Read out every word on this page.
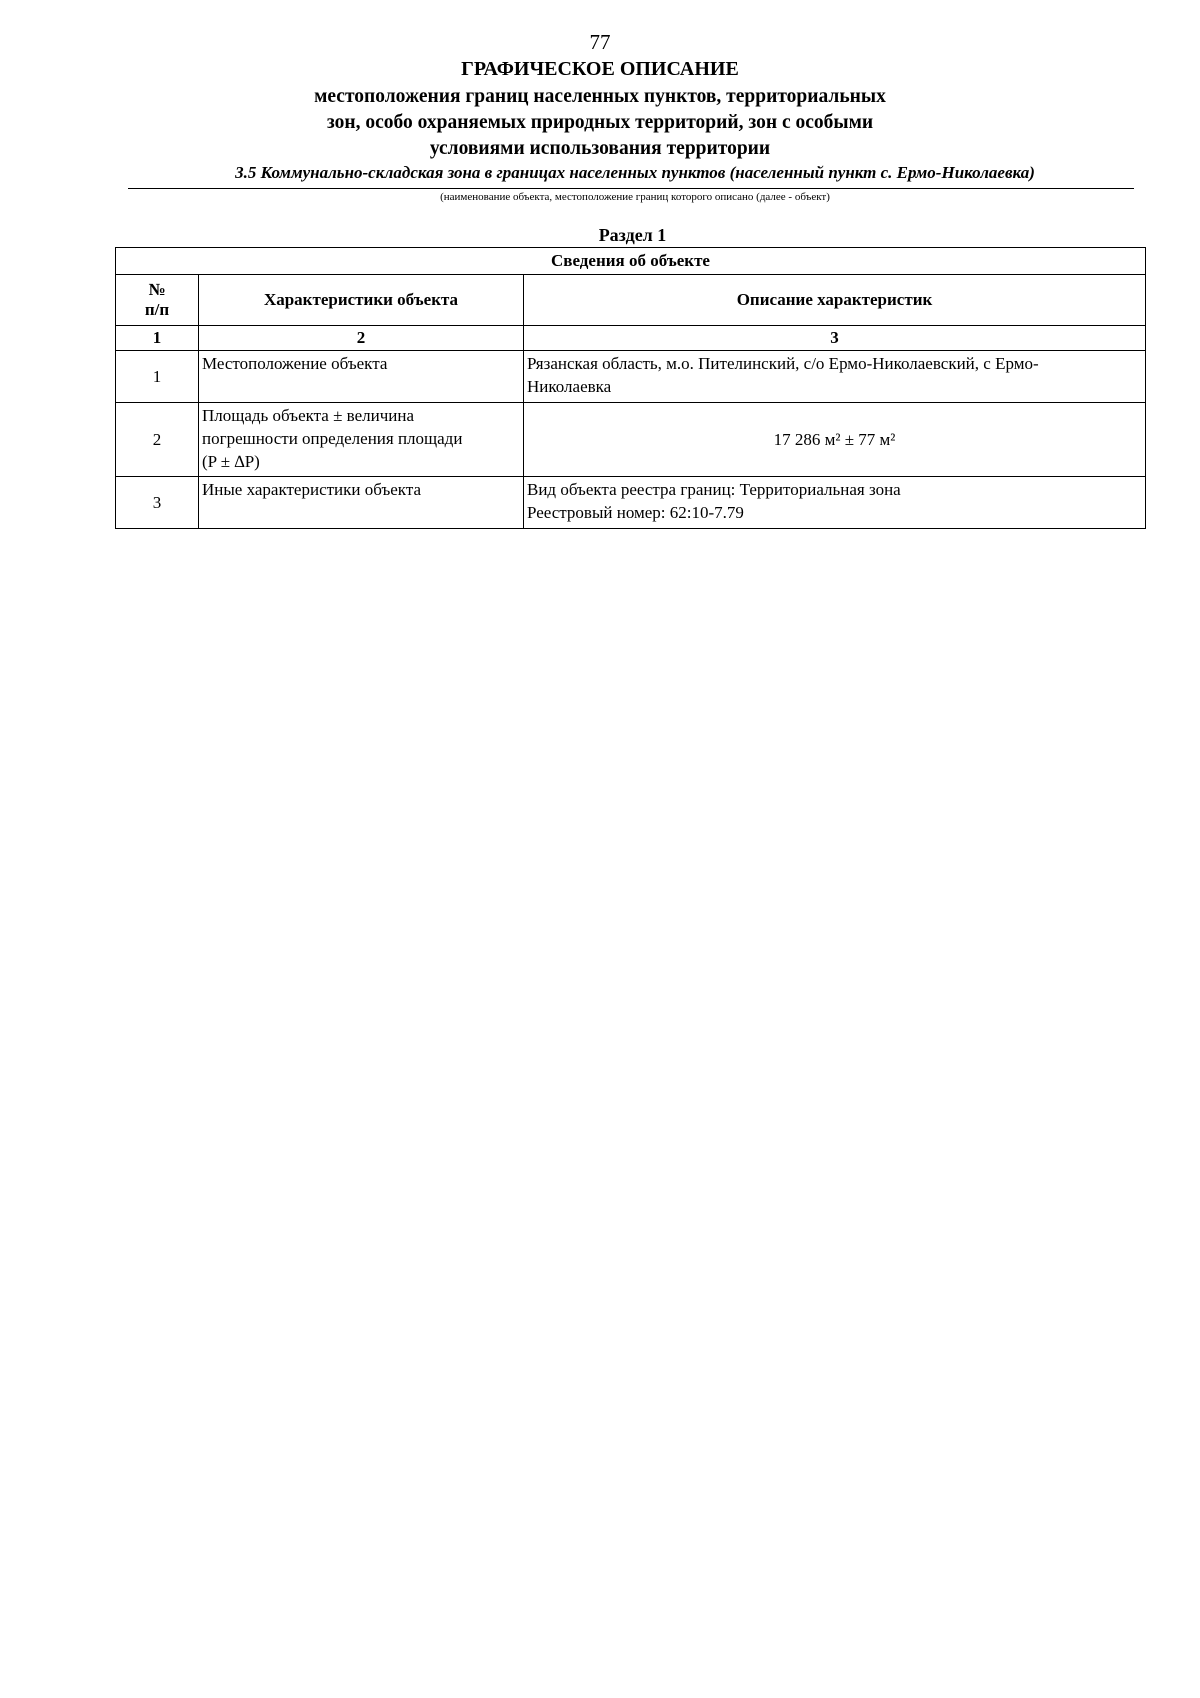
77
ГРАФИЧЕСКОЕ ОПИСАНИЕ
местоположения границ населенных пунктов, территориальных
зон, особо охраняемых природных территорий, зон с особыми
условиями использования территории
3.5 Коммунально-складская зона в границах населенных пунктов (населенный пункт с. Ермо-Николаевка)
(наименование объекта, местоположение границ которого описано (далее - объект)
Раздел 1
Сведения об объекте		

№
п/п	Характеристики объекта	Описание характеристик
1	2	3
1	Местоположение объекта	Рязанская область, м.о. Пителинский, с/о Ермо-Николаевский, с Ермо-
Николаевка

2	Площадь объекта ± величина
погрешности определения площади
(P ± ∆P)	17 286 м² ± 77 м²

3	Иные характеристики объекта	Вид объекта реестра границ: Территориальная зона
Реестровый номер: 62:10-7.79
